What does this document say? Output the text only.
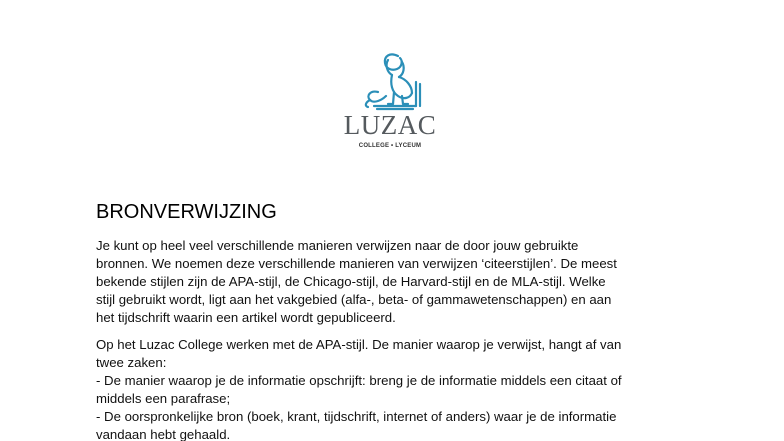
LUZAC
COLLEGE • LYCEUM
BRONVERWIJZING

Je kunt op heel veel verschillende manieren verwijzen naar de door jouw gebruikte
bronnen. We noemen deze verschillende manieren van verwijzen ‘citeerstijlen’. De meest
bekende stijlen zijn de APA-stijl, de Chicago-stijl, de Harvard-stijl en de MLA-stijl. Welke
stijl gebruikt wordt, ligt aan het vakgebied (alfa-, beta- of gammawetenschappen) en aan
het tijdschrift waarin een artikel wordt gepubliceerd.

Op het Luzac College werken met de APA-stijl. De manier waarop je verwijst, hangt af van
twee zaken:
- De manier waarop je de informatie opschrijft: breng je de informatie middels een citaat of
middels een parafrase;
- De oorspronkelijke bron (boek, krant, tijdschrift, internet of anders) waar je de informatie
vandaan hebt gehaald.
